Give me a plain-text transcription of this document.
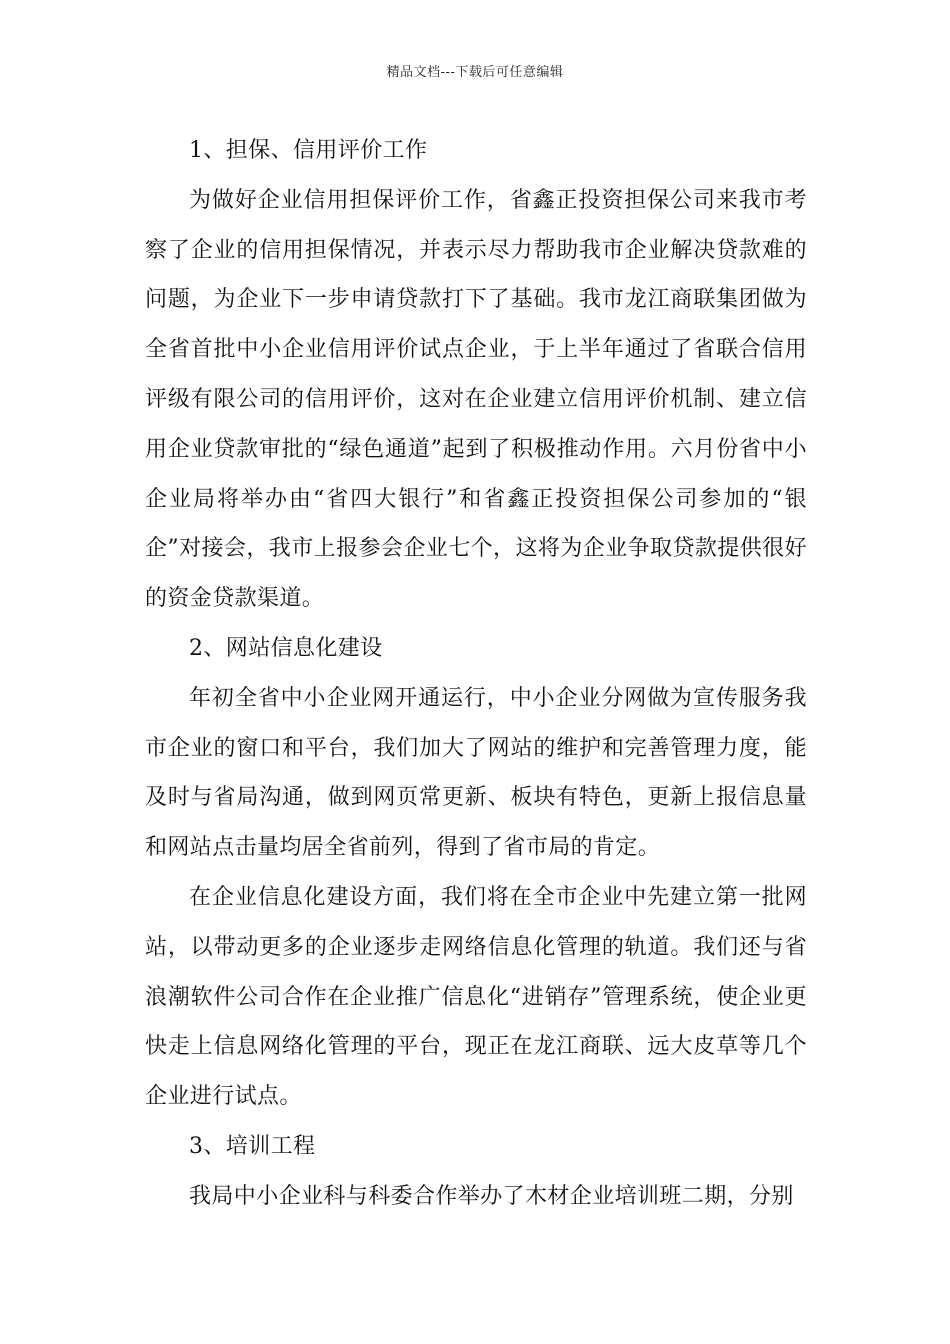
精品文档---下载后可任意编辑

1、担保、信用评价工作

为做好企业信用担保评价工作，省鑫正投资担保公司来我市考察了企业的信用担保情况，并表示尽力帮助我市企业解决贷款难的问题，为企业下一步申请贷款打下了基础。我市龙江商联集团做为全省首批中小企业信用评价试点企业，于上半年通过了省联合信用评级有限公司的信用评价，这对在企业建立信用评价机制、建立信用企业贷款审批的“绿色通道”起到了积极推动作用。六月份省中小企业局将举办由“省四大银行”和省鑫正投资担保公司参加的“银企”对接会，我市上报参会企业七个，这将为企业争取贷款提供很好的资金贷款渠道。

2、网站信息化建设

年初全省中小企业网开通运行，中小企业分网做为宣传服务我市企业的窗口和平台，我们加大了网站的维护和完善管理力度，能及时与省局沟通，做到网页常更新、板块有特色，更新上报信息量和网站点击量均居全省前列，得到了省市局的肯定。

在企业信息化建设方面，我们将在全市企业中先建立第一批网站，以带动更多的企业逐步走网络信息化管理的轨道。我们还与省浪潮软件公司合作在企业推广信息化“进销存”管理系统，使企业更快走上信息网络化管理的平台，现正在龙江商联、远大皮草等几个企业进行试点。

3、培训工程

我局中小企业科与科委合作举办了木材企业培训班二期，分别
